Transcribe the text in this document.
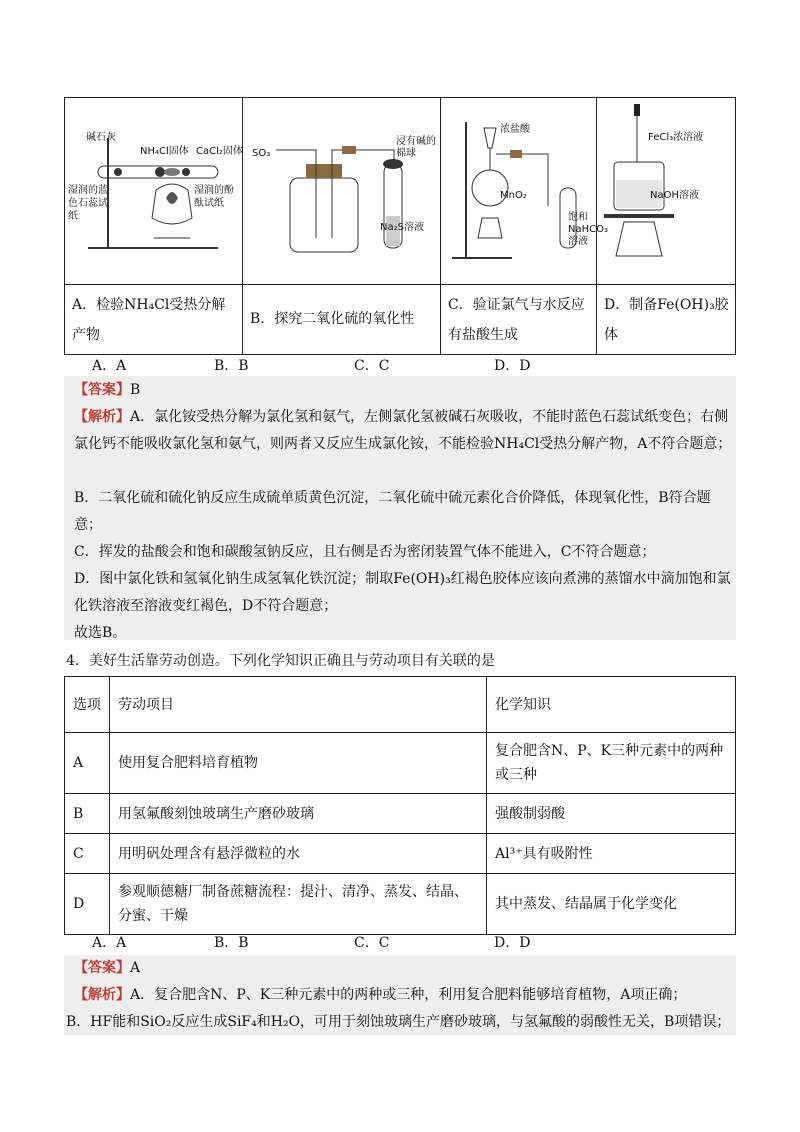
碱石灰
NH₄Cl固体 CaCl₂固体
湿润的蓝色石蕊试纸
湿润的酚酞试纸
SO₃
浸有碱的棉球
Na₂S溶液
浓盐酸
MnO₂
饱和NaHCO₃溶液
FeCl₃浓溶液
NaOH溶液
A．检验NH₄Cl受热分解产物
B．探究二氧化硫的氧化性
C．验证氯气与水反应有盐酸生成
D．制备Fe(OH)₃胶体
A．A	B．B	C．C	D．D
【答案】B
【解析】A．氯化铵受热分解为氯化氢和氨气，左侧氯化氢被碱石灰吸收，不能时蓝色石蕊试纸变色；右侧氯化钙不能吸收氯化氢和氨气，则两者又反应生成氯化铵，不能检验NH₄Cl受热分解产物，A不符合题意；
B．二氧化硫和硫化钠反应生成硫单质黄色沉淀，二氧化硫中硫元素化合价降低，体现氧化性，B符合题意；
C．挥发的盐酸会和饱和碳酸氢钠反应，且右侧是否为密闭装置气体不能进入，C不符合题意；
D．图中氯化铁和氢氧化钠生成氢氧化铁沉淀；制取Fe(OH)₃红褐色胶体应该向煮沸的蒸馏水中滴加饱和氯化铁溶液至溶液变红褐色，D不符合题意；
故选B。
4．美好生活靠劳动创造。下列化学知识正确且与劳动项目有关联的是
选项	劳动项目	化学知识
A	使用复合肥料培育植物	复合肥含N、P、K三种元素中的两种或三种
B	用氢氟酸刻蚀玻璃生产磨砂玻璃	强酸制弱酸
C	用明矾处理含有悬浮微粒的水	Al³⁺具有吸附性
D	参观顺德糖厂制备蔗糖流程：提汁、清净、蒸发、结晶、分蜜、干燥	其中蒸发、结晶属于化学变化
A．A	B．B	C．C	D．D
【答案】A
【解析】A．复合肥含N、P、K三种元素中的两种或三种，利用复合肥料能够培育植物，A项正确；
B．HF能和SiO₂反应生成SiF₄和H₂O，可用于刻蚀玻璃生产磨砂玻璃，与氢氟酸的弱酸性无关，B项错误；
